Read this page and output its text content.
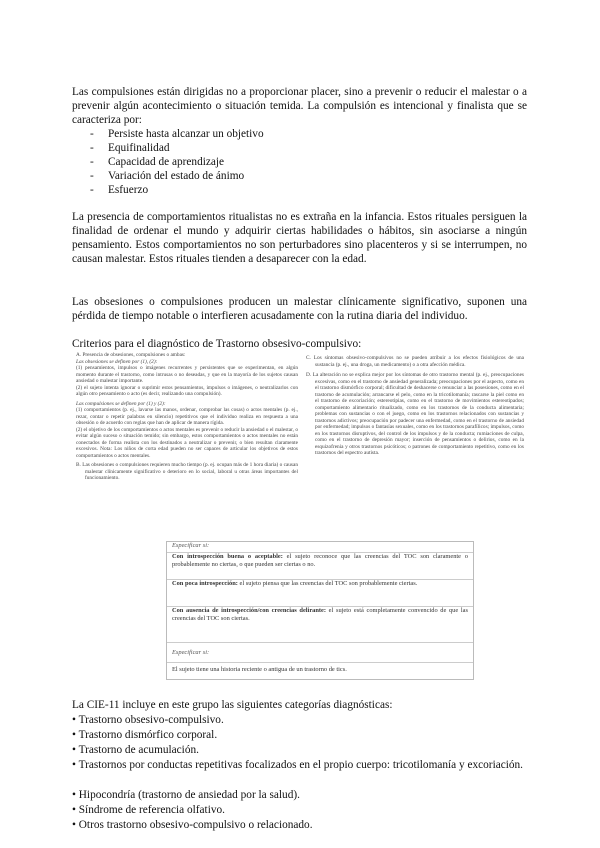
Las compulsiones están dirigidas no a proporcionar placer, sino a prevenir o reducir el malestar o a prevenir algún acontecimiento o situación temida. La compulsión es intencional y finalista que se caracteriza por:
- Persiste hasta alcanzar un objetivo
- Equifinalidad
- Capacidad de aprendizaje
- Variación del estado de ánimo
- Esfuerzo
La presencia de comportamientos ritualistas no es extraña en la infancia. Estos rituales persiguen la finalidad de ordenar el mundo y adquirir ciertas habilidades o hábitos, sin asociarse a ningún pensamiento. Estos comportamientos no son perturbadores sino placenteros y si se interrumpen, no causan malestar. Estos rituales tienden a desaparecer con la edad.
Las obsesiones o compulsiones producen un malestar clínicamente significativo, suponen una pérdida de tiempo notable o interfieren acusadamente con la rutina diaria del individuo.
Criterios para el diagnóstico de Trastorno obsesivo-compulsivo:
A. Presencia de obsesiones, compulsiones o ambas:
Las obsesiones se definen por (1), (2):
(1) pensamientos, impulsos o imágenes recurrentes y persistentes que se experimentan, en algún momento durante el trastorno, como intrusas o no deseadas, y que en la mayoría de los sujetos causan ansiedad o malestar importante.
(2) el sujeto intenta ignorar o suprimir estos pensamientos, impulsos o imágenes, o neutralizarlos con algún otro pensamiento o acto (es decir, realizando una compulsión).
Las compulsiones se definen por (1) y (2):
(1) comportamientos (p. ej., lavarse las manos, ordenar, comprobar las cosas) o actos mentales (p. ej., rezar, contar o repetir palabras en silencio) repetitivos que el individuo realiza en respuesta a una obsesión o de acuerdo con reglas que han de aplicar de manera rígida.
(2) el objetivo de los comportamientos o actos mentales es prevenir o reducir la ansiedad o el malestar, o evitar algún suceso o situación temido; sin embargo, estos comportamientos o actos mentales no están conectados de forma realista con los destinados a neutralizar o prevenir, o bien resultan claramente excesivos. Nota: Los niños de corta edad pueden no ser capaces de articular los objetivos de estos comportamientos o actos mentales.
B. Las obsesiones o compulsiones requieren mucho tiempo (p. ej. ocupan más de 1 hora diaria) o causan malestar clínicamente significativo o deterioro en lo social, laboral u otras áreas importantes del funcionamiento.
C. Los síntomas obsesivo-compulsivos no se pueden atribuir a los efectos fisiológicos de una sustancia (p. ej., una droga, un medicamento) o a otra afección médica.
D. La alteración no se explica mejor por los síntomas de otro trastorno mental (p. ej., preocupaciones excesivas, como en el trastorno de ansiedad generalizada; preocupaciones por el aspecto, como en el trastorno dismórfico corporal; dificultad de deshacerse o renunciar a las posesiones, como en el trastorno de acumulación; arrancarse el pelo, como en la tricotilomanía; rascarse la piel como en el trastorno de excoriación; estereotipias, como en el trastorno de movimientos estereotipados; comportamiento alimentario ritualizado, como en los trastornos de la conducta alimentaria; problemas con sustancias o con el juego, como en los trastornos relacionados con sustancias y trastornos adictivos; preocupación por padecer una enfermedad, como en el trastorno de ansiedad por enfermedad; impulsos o fantasías sexuales, como en los trastornos parafílicos; impulsos, como en los trastornos disruptivos, del control de los impulsos y de la conducta; rumiaciones de culpa, como en el trastorno de depresión mayor; inserción de pensamientos o delirios, como en la esquizofrenia y otros trastornos psicóticos; o patrones de comportamiento repetitivo, como en los trastornos del espectro autista.
Especificar si:
Con introspección buena o aceptable: el sujeto reconoce que las creencias del TOC son claramente o probablemente no ciertas, o que pueden ser ciertas o no.
Con poca introspección: el sujeto piensa que las creencias del TOC son probablemente ciertas.
Con ausencia de introspección/con creencias delirante: el sujeto está completamente convencido de que las creencias del TOC son ciertas.
Especificar si:
El sujeto tiene una historia reciente o antigua de un trastorno de tics.
La CIE-11 incluye en este grupo las siguientes categorías diagnósticas:
• Trastorno obsesivo-compulsivo.
• Trastorno dismórfico corporal.
• Trastorno de acumulación.
• Trastornos por conductas repetitivas focalizados en el propio cuerpo: tricotilomanía y excoriación.
• Hipocondría (trastorno de ansiedad por la salud).
• Síndrome de referencia olfativo.
• Otros trastorno obsesivo-compulsivo o relacionado.
